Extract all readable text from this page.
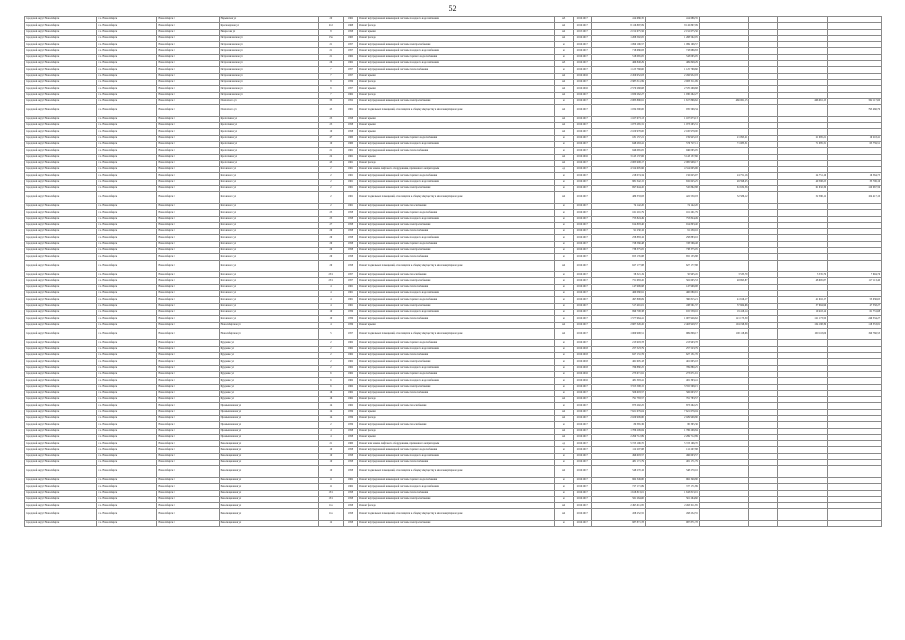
52
городской округ Новосибирск	г.о. Новосибирск	Новосибирск г	Нарымская ул	20	1962	Ремонт внутридомовой инженерной системы холодного водоснабжения	м3	2016 2017	414 686,35	414 686,35				
городской округ Новосибирск	г.о. Новосибирск	Новосибирск г	Красноярская ул	212	1968	Ремонт фасада	м2	2016 2017	8 116 897,09	8 116 897,09				
городской округ Новосибирск	г.о. Новосибирск	Новосибирск г	Некрасова ул	8	1958	Ремонт крыши	м2	2015 2017	2 152 675,56	2 152 675,56				
городской округ Новосибирск	г.о. Новосибирск	Новосибирск г	Петропавловская ул	15а	1965	Ремонт фасада	м2	2016 2017	1 268 592,05	1 268 592,05				
городской округ Новосибирск	г.о. Новосибирск	Новосибирск г	Петропавловская ул	21	1957	Ремонт внутридомовой инженерной системы электроснабжения	м	2016 2017	1 099 196,57	1 099 196,57				
городской округ Новосибирск	г.о. Новосибирск	Новосибирск г	Петропавловская ул	21	1957	Ремонт внутридомовой инженерной системы холодного водоснабжения	м	2016 2017	718 686,83	718 686,83				
городской округ Новосибирск	г.о. Новосибирск	Новосибирск г	Петропавловская ул	21	1962	Ремонт внутридомовой инженерной системы горячего водоснабжения	м	2016 2017	518 065,05	518 065,05				
городской округ Новосибирск	г.о. Новосибирск	Новосибирск г	Петропавловская ул	26	1962	Ремонт внутридомовой инженерной системы холодного водоснабжения	м3	2016 2017	469 848,29	469 848,29				
городской округ Новосибирск	г.о. Новосибирск	Новосибирск г	Петропавловская ул	7	1957	Ремонт внутридомовой инженерной системы теплоснабжения	м	2016 2017	1 125 768,60	1 125 768,60				
городской округ Новосибирск	г.о. Новосибирск	Новосибирск г	Петропавловская ул	7	1957	Ремонт крыши	м2	2016 2016	2 456 952,03	2 456 952,03				
городской округ Новосибирск	г.о. Новосибирск	Новосибирск г	Петропавловская ул	8	1959	Ремонт фасада	м2	2016 2017	2 983 511,99	2 983 511,99				
городской округ Новосибирск	г.о. Новосибирск	Новосибирск г	Петропавловская ул	9	1957	Ремонт крыши	м2	2016 2016	2 570 268,68	2 570 268,68				
городской округ Новосибирск	г.о. Новосибирск	Новосибирск г	Петропавловская ул	7	1962	Ремонт фасада	м2	2016 2017	1 930 262,27	1 930 262,27				
городской округ Новосибирск	г.о. Новосибирск	Новосибирск г	Плахотного ул	33	1952	Ремонт внутридомовой инженерной системы электроснабжения	м	2016 2017	2 083 896,91	1 617 896,62	466 061,15		466 061,15	302 117,60
городской округ Новосибирск	г.о. Новосибирск	Новосибирск г	Плахотного ул	45	1961	Ремонт подвальных помещений, относящихся к общему имуществу в многоквартирном доме	м2	2016 2017	1 034 590,00	935 599,34				795 466,79
городской округ Новосибирск	г.о. Новосибирск	Новосибирск г	Кропоткина ул	23	1958	Ремонт крыши	м2	2016 2017	1 167 673,13	1 167 673,13				
городской округ Новосибирск	г.о. Новосибирск	Новосибирск г	Кропоткина ул	25	1958	Ремонт крыши	м2	2016 2017	1 073 265,31	1 073 265,31				
городской округ Новосибирск	г.о. Новосибирск	Новосибирск г	Кропоткина ул	10	1958	Ремонт крыши	м2	2016 2017	2 100 978,00	2 100 978,00				
городской округ Новосибирск	г.о. Новосибирск	Новосибирск г	Кропоткина ул	47	1960	Ремонт внутридомовой инженерной системы горячего водоснабжения	м	2016 2017	181 157,21	159 925,18	21 095,21		21 095,21	19 218,41
городской округ Новосибирск	г.о. Новосибирск	Новосибирск г	Кропоткина ул	10	1960	Ремонт внутридомовой инженерной системы холодного водоснабжения	м	2016 2017	648 263,41	576 727,11	71 085,31		71 085,31	65 759,51
городской округ Новосибирск	г.о. Новосибирск	Новосибирск г	Кропоткина ул	21	1961	Ремонт внутридомовой инженерной системы теплоснабжения	м	2016 2017	946 065,05	946 065,05				
городской округ Новосибирск	г.о. Новосибирск	Новосибирск г	Кропоткина ул	22	1961	Ремонт крыши	м2	2016 2016	3 143 137,66	3 143 137,66				
городской округ Новосибирск	г.о. Новосибирск	Новосибирск г	Кропоткина ул	43	1961	Ремонт фасада	м2	2016 2017	2 085 908,17	2 085 908,17				
городской округ Новосибирск	г.о. Новосибирск	Новосибирск г	Котовского ул	2	1961	Ремонт или замена лифтового оборудования, признанного непригодным	ед	2016 2017	4 314 605,96	4 314 605,96				
городской округ Новосибирск	г.о. Новосибирск	Новосибирск г	Котовского ул	2	1961	Ремонт внутридомовой инженерной системы горячего водоснабжения	м	2016 2017	218 074,34	156 625,97	24 751,16		24 751,16	16 564,75
городской округ Новосибирск	г.о. Новосибирск	Новосибирск г	Котовского ул	2	1961	Ремонт внутридомовой инженерной системы холодного водоснабжения	м	2016 2017	881 342,15	632 625,25	49 598,25		49 598,25	33 706,16
городской округ Новосибирск	г.о. Новосибирск	Новосибирск г	Котовского ул	2	1961	Ремонт внутридомовой инженерной системы электроснабжения	м	2016 2017	697 644,45	510 862,88	61 632,36		61 632,36	120 067,59
городской округ Новосибирск	г.о. Новосибирск	Новосибирск г	Котовского ул	2	1961	Ремонт подвальных помещений, относящихся к общему имуществу в многоквартирном доме	м2	2016 2017	489 333,83	422 550,03	52 586,12		52 586,12	104 417,10
городской округ Новосибирск	г.о. Новосибирск	Новосибирск г	Котовского ул	2	1961	Ремонт внутридомовой инженерной системы газоснабжения	м	2016 2017	74 142,20	74 142,20				
городской округ Новосибирск	г.о. Новосибирск	Новосибирск г	Котовского ул	25	1958	Ремонт внутридомовой инженерной системы горячего водоснабжения	м	2016 2017	161 201,79	161 201,79				
городской округ Новосибирск	г.о. Новосибирск	Новосибирск г	Котовского ул	25	1958	Ремонт внутридомовой инженерной системы холодного водоснабжения	м	2016 2017	753 824,49	753 824,49				
городской округ Новосибирск	г.о. Новосибирск	Новосибирск г	Котовского ул	27	1958	Ремонт внутридомовой инженерной системы электроснабжения	м	2016 2017	914 803,40	914 803,40				
городской округ Новосибирск	г.о. Новосибирск	Новосибирск г	Котовского ул	29	1958	Ремонт внутридомовой инженерной системы теплоснабжения	м	2016 2017	91 230,16	91 230,16				
городской округ Новосибирск	г.о. Новосибирск	Новосибирск г	Котовского ул	29	1958	Ремонт внутридомовой инженерной системы холодного водоснабжения	м	2016 2017	258 883,16	258 883,16				
городской округ Новосибирск	г.о. Новосибирск	Новосибирск г	Котовского ул	29	1958	Ремонт внутридомовой инженерной системы горячего водоснабжения	м	2016 2017	728 566,48	728 566,48				
городской округ Новосибирск	г.о. Новосибирск	Новосибирск г	Котовского ул	29	1958	Ремонт внутридомовой инженерной системы электроснабжения	м	2016 2017	738 375,05	738 375,05				
городской округ Новосибирск	г.о. Новосибирск	Новосибирск г	Котовского ул	29	1958	Ремонт внутридомовой инженерной системы теплоснабжения	м	2016 2017	655 135,88	655 135,88				
городской округ Новосибирск	г.о. Новосибирск	Новосибирск г	Котовского ул	29	1958	Ремонт подвальных помещений, относящихся к общему имуществу в многоквартирном доме	м2	2016 2017	627 177,88	627 177,88				
городской округ Новосибирск	г.о. Новосибирск	Новосибирск г	Котовского ул	25/1	1957	Ремонт внутридомовой инженерной системы газоснабжения	м	2016 2017	58 321,19	50 905,45	3 535,79		3 535,79	7 694,76
городской округ Новосибирск	г.о. Новосибирск	Новосибирск г	Котовского ул	25/1	1957	Ремонт внутридомовой инженерной системы электроснабжения	м	2016 2017	751 683,45	502 605,53	48 695,87		48 695,87	117 113,40
городской округ Новосибирск	г.о. Новосибирск	Новосибирск г	Котовского ул	4	1961	Ремонт внутридомовой инженерной системы теплоснабжения	м	2016 2017	147 999,98	147 999,98				
городской округ Новосибирск	г.о. Новосибирск	Новосибирск г	Котовского ул	4	1961	Ремонт внутридомовой инженерной системы холодного водоснабжения	м	2016 2017	460 080,91	460 080,91				
городской округ Новосибирск	г.о. Новосибирск	Новосибирск г	Котовского ул	4	1961	Ремонт внутридомовой инженерной системы горячего водоснабжения	м	2016 2017	497 808,09	390 815,21	41 916,17		41 916,17	53 036,65
городской округ Новосибирск	г.о. Новосибирск	Новосибирск г	Котовского ул	4	1961	Ремонт внутридомовой инженерной системы электроснабжения	м	2016 2017	517 491,01	438 561,37	37 664,96		37 664,96	47 358,27
городской округ Новосибирск	г.о. Новосибирск	Новосибирск г	Котовского ул	10	1959	Ремонт внутридомовой инженерной системы холодного водоснабжения	м	2016 2017	996 708,38	915 558,16	19 418,14		19 418,14	61 731,68
городской округ Новосибирск	г.о. Новосибирск	Новосибирск г	Котовского ул	10	1959	Ремонт внутридомовой инженерной системы теплоснабжения	м	2016 2017	1 577 964,41	1 007 926,62	121 173,50		121 173,50	249 334,27
городской округ Новосибирск	г.о. Новосибирск	Новосибирск г	Новосибирская ул	4	1959	Ремонт крыши	м2	2016 2017	2 687 326,45	2 463 928,57	104 198,39		104 198,39	118 353,81
городской округ Новосибирск	г.о. Новосибирск	Новосибирск г	Новосибирская ул	5	1957	Ремонт подвальных помещений, относящихся к общему имуществу в многоквартирном доме	м2	2016 2017	1 069 998,51	969 809,17	100 118,06		100 118,06	190 766,53
городской округ Новосибирск	г.о. Новосибирск	Новосибирск г	Бурденко ул	2	1962	Ремонт внутридомовой инженерной системы горячего водоснабжения	м	2016 2017	213 903,78	213 903,78				
городской округ Новосибирск	г.о. Новосибирск	Новосибирск г	Бурденко ул	2	1962	Ремонт внутридомовой инженерной системы холодного водоснабжения	м	2016 2018	257 523,79	257 523,79				
городской округ Новосибирск	г.о. Новосибирск	Новосибирск г	Бурденко ул	2	1962	Ремонт внутридомовой инженерной системы теплоснабжения	м	2016 2018	627 131,76	627 131,76				
городской округ Новосибирск	г.о. Новосибирск	Новосибирск г	Бурденко ул	2	1962	Ремонт внутридомовой инженерной системы электроснабжения	м	2016 2018	461 605,18	461 605,18				
городской округ Новосибирск	г.о. Новосибирск	Новосибирск г	Бурденко ул	2	1962	Ремонт внутридомовой инженерной системы холодного водоснабжения	м	2016 2018	769 880,25	769 880,25				
городской округ Новосибирск	г.о. Новосибирск	Новосибирск г	Бурденко ул	6	1962	Ремонт внутридомовой инженерной системы горячего водоснабжения	м	2016 2016	273 671,91	273 671,91				
городской округ Новосибирск	г.о. Новосибирск	Новосибирск г	Бурденко ул	6	1962	Ремонт внутридомовой инженерной системы холодного водоснабжения	м	2016 2016	481 393,41	481 393,41				
городской округ Новосибирск	г.о. Новосибирск	Новосибирск г	Бурденко ул	6	1962	Ремонт внутридомовой инженерной системы электроснабжения	м	2016 2017	3 555 598,15	3 555 598,15				
городской округ Новосибирск	г.о. Новосибирск	Новосибирск г	Бурденко ул	16	1962	Ремонт внутридомовой инженерной системы теплоснабжения	м	2016 2017	506 603,57	506 603,57				
городской округ Новосибирск	г.о. Новосибирск	Новосибирск г	Бурденко ул	16	1962	Ремонт фасада	м2	2016 2017	791 783,57	791 783,57				
городской округ Новосибирск	г.о. Новосибирск	Новосибирск г	Промышленная ул	14	1962	Ремонт внутридомовой инженерной системы газоснабжения	м	2016 2017	873 292,25	873 292,25				
городской округ Новосибирск	г.о. Новосибирск	Новосибирск г	Промышленная ул	14	1959	Ремонт крыши	м2	2016 2017	7 621 679,04	7 621 679,04				
городской округ Новосибирск	г.о. Новосибирск	Новосибирск г	Промышленная ул	14	1959	Ремонт фасада	м2	2016 2017	2 029 909,80	2 029 909,80				
городской округ Новосибирск	г.о. Новосибирск	Новосибирск г	Промышленная ул	2	1959	Ремонт внутридомовой инженерной системы газоснабжения	м	2016 2017	80 365,36	80 365,36				
городской округ Новосибирск	г.о. Новосибирск	Новосибирск г	Промышленная ул	4	1958	Ремонт фасада	м2	2016 2017	1 786 209,84	1 786 209,84				
городской округ Новосибирск	г.о. Новосибирск	Новосибирск г	Промышленная ул	4	1958	Ремонт крыши	м2	2016 2017	2 299 712,89	2 299 712,89				
городской округ Новосибирск	г.о. Новосибирск	Новосибирск г	Революционная ул	21	1960	Ремонт или замена лифтового оборудования, признанного непригодным	ед	2016 2017	5 723 196,70	5 723 196,70				
городской округ Новосибирск	г.о. Новосибирск	Новосибирск г	Революционная ул	10	1958	Ремонт внутридомовой инженерной системы горячего водоснабжения	м	2016 2017	112 207,88	112 207,88				
городской округ Новосибирск	г.о. Новосибирск	Новосибирск г	Революционная ул	10	1958	Ремонт внутридомовой инженерной системы холодного водоснабжения	м	2016 2017	496 603,57	496 603,57				
городской округ Новосибирск	г.о. Новосибирск	Новосибирск г	Революционная ул	10	1958	Ремонт внутридомовой инженерной системы теплоснабжения	м	2016 2017	481 171,79	481 171,79				
городской округ Новосибирск	г.о. Новосибирск	Новосибирск г	Революционная ул	10	1958	Ремонт подвальных помещений, относящихся к общему имуществу в многоквартирном доме	м2	2016 2017	548 270,16	548 270,16				
городской округ Новосибирск	г.о. Новосибирск	Новосибирск г	Революционная ул	11	1962	Ремонт внутридомовой инженерной системы горячего водоснабжения	м	2016 2017	962 349,80	962 349,80				
городской округ Новосибирск	г.о. Новосибирск	Новосибирск г	Революционная ул	11	1962	Ремонт внутридомовой инженерной системы холодного водоснабжения	м	2016 2017	727 171,89	727 171,89				
городской округ Новосибирск	г.о. Новосибирск	Новосибирск г	Революционная ул	13/1	1958	Ремонт внутридомовой инженерной системы теплоснабжения	м	2016 2017	1 618 813,01	1 618 813,01				
городской округ Новосибирск	г.о. Новосибирск	Новосибирск г	Революционная ул	13/1	1958	Ремонт внутридомовой инженерной системы электроснабжения	м	2016 2017	561 264,60	561 264,60				
городской округ Новосибирск	г.о. Новосибирск	Новосибирск г	Революционная ул	11а	1958	Ремонт фасада	м2	2016 2017	2 495 011,85	2 495 011,85				
городской округ Новосибирск	г.о. Новосибирск	Новосибирск г	Революционная ул	11а	1958	Ремонт подвальных помещений, относящихся к общему имуществу в многоквартирном доме	м2	2016 2017	458 252,55	458 252,55				
городской округ Новосибирск	г.о. Новосибирск	Новосибирск г	Революционная ул	12	1958	Ремонт внутридомовой инженерной системы электроснабжения	м	2016 2017	987 871,78	987 871,78				
